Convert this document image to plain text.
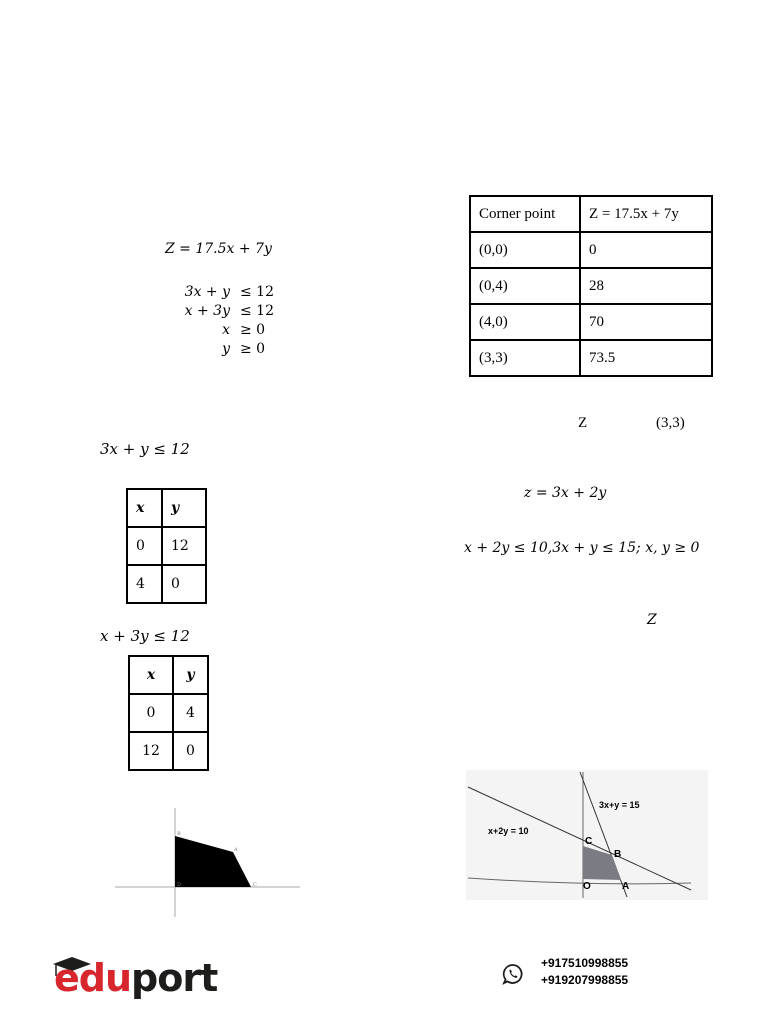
Z = 17.5x + 7y
3x + y ≤ 12
x + 3y ≤ 12
x ≥ 0
y ≥ 0
3x + y ≤ 12
x	y
0	12
4	0
x + 3y ≤ 12
x	y
0	4
12	0
B
A
C
D
Corner point	Z = 17.5x + 7y
(0,0)	0
(0,4)	28
(4,0)	70
(3,3)	73.5
Z	(3,3)
z = 3x + 2y
x + 2y ≤ 10,3x + y ≤ 15; x, y ≥ 0
Z
3x+y = 15
x+2y = 10
C
B
O	A
eduport	+917510998855
+919207998855
